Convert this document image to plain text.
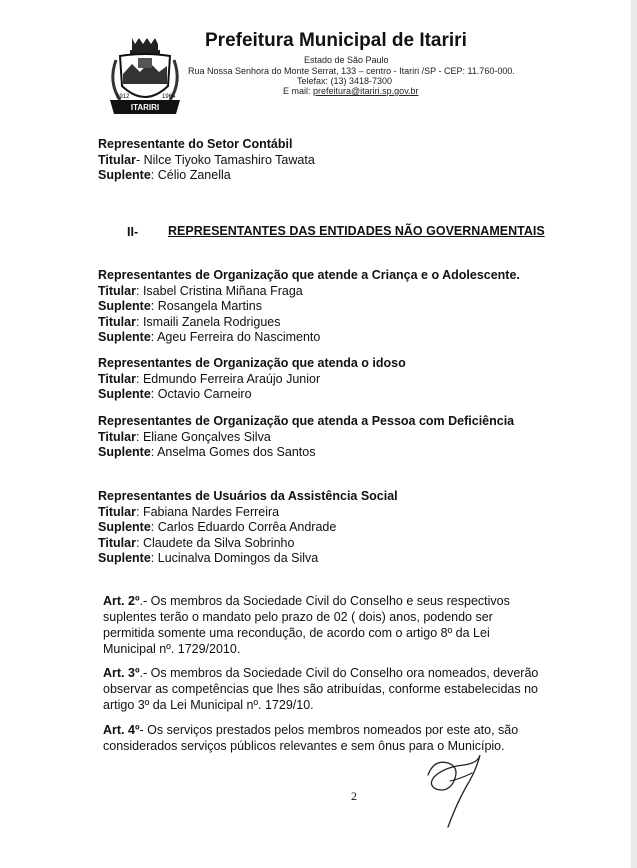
ITARIRI
1912	1964
Prefeitura Municipal de Itariri
Estado de São Paulo
Rua Nossa Senhora do Monte Serrat, 133 – centro - Itariri /SP - CEP: 11.760-000.
Telefax: (13) 3418-7300
E mail: prefeitura@itariri.sp.gov.br
Representante do Setor Contábil
Titular- Nilce Tiyoko Tamashiro Tawata
Suplente: Célio Zanella
II- REPRESENTANTES DAS ENTIDADES NÃO GOVERNAMENTAIS
Representantes de Organização que atende a Criança e o Adolescente.
Titular: Isabel Cristina Miñana Fraga
Suplente: Rosangela Martins
Titular: Ismaili Zanela Rodrigues
Suplente: Ageu Ferreira do Nascimento
Representantes de Organização que atenda o idoso
Titular: Edmundo Ferreira Araújo Junior
Suplente: Octavio Carneiro
Representantes de Organização que atenda a Pessoa com Deficiência
Titular: Eliane Gonçalves Silva
Suplente: Anselma Gomes dos Santos
Representantes de Usuários da Assistência Social
Titular: Fabiana Nardes Ferreira
Suplente: Carlos Eduardo Corrêa Andrade
Titular: Claudete da Silva Sobrinho
Suplente: Lucinalva Domingos da Silva
Art. 2º.- Os membros da Sociedade Civil do Conselho e seus respectivos suplentes terão o mandato pelo prazo de 02 ( dois) anos, podendo ser permitida somente uma recondução, de acordo com o artigo 8º da Lei Municipal nº. 1729/2010.
Art. 3º.- Os membros da Sociedade Civil do Conselho ora nomeados, deverão observar as competências que lhes são atribuídas, conforme estabelecidas no artigo 3º da Lei Municipal nº. 1729/10.
Art. 4º- Os serviços prestados pelos membros nomeados por este ato, são considerados serviços públicos relevantes e sem ônus para o Município.
2
